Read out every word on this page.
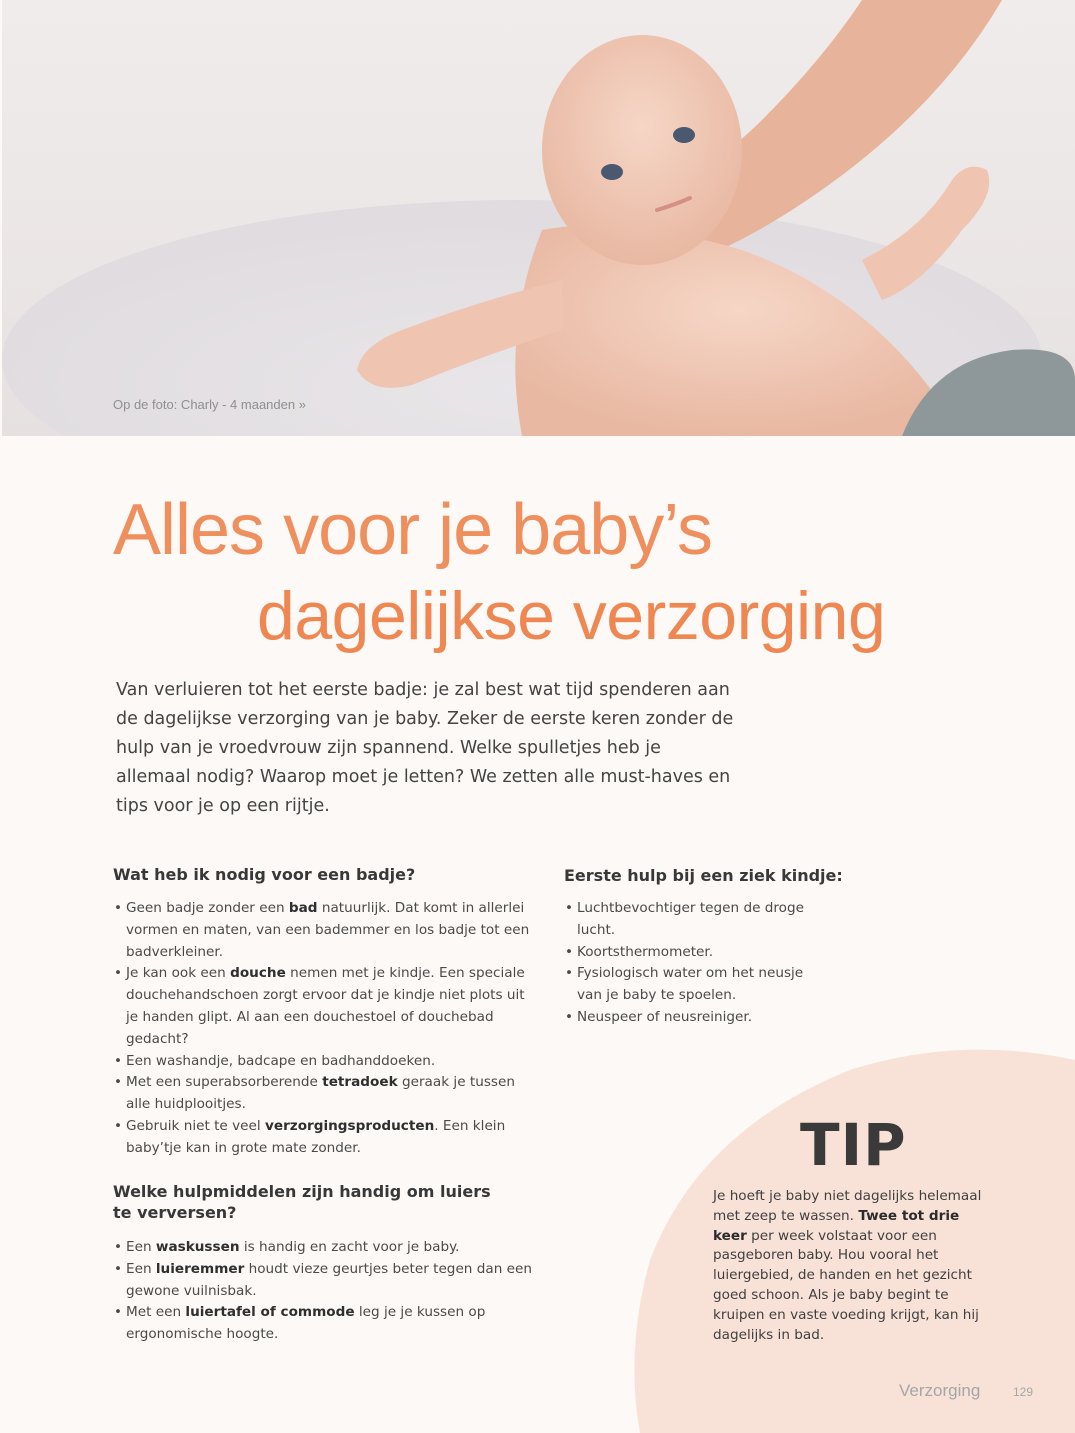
Op de foto: Charly - 4 maanden »
Alles voor je baby’s
dagelijkse verzorging

Van verluieren tot het eerste badje: je zal best wat tijd spenderen aan de dagelijkse verzorging van je baby. Zeker de eerste keren zonder de hulp van je vroedvrouw zijn spannend. Welke spulletjes heb je allemaal nodig? Waarop moet je letten? We zetten alle must-haves en tips voor je op een rijtje.

Wat heb ik nodig voor een badje?
• Geen badje zonder een bad natuurlijk. Dat komt in allerlei vormen en maten, van een bademmer en los badje tot een badverkleiner.
• Je kan ook een douche nemen met je kindje. Een speciale douchehandschoen zorgt ervoor dat je kindje niet plots uit je handen glipt. Al aan een douchestoel of douchebad gedacht?
• Een washandje, badcape en badhanddoeken.
• Met een superabsorberende tetradoek geraak je tussen alle huidplooitjes.
• Gebruik niet te veel verzorgingsproducten. Een klein baby’tje kan in grote mate zonder.
Welke hulpmiddelen zijn handig om luiers te verversen?
• Een waskussen is handig en zacht voor je baby.
• Een luieremmer houdt vieze geurtjes beter tegen dan een gewone vuilnisbak.
• Met een luiertafel of commode leg je je kussen op ergonomische hoogte.
Eerste hulp bij een ziek kindje:
• Luchtbevochtiger tegen de droge lucht.
• Koortsthermometer.
• Fysiologisch water om het neusje van je baby te spoelen.
• Neuspeer of neusreiniger.
TIP

Je hoeft je baby niet dagelijks helemaal met zeep te wassen. Twee tot drie keer per week volstaat voor een pasgeboren baby. Hou vooral het luiergebied, de handen en het gezicht goed schoon. Als je baby begint te kruipen en vaste voeding krijgt, kan hij dagelijks in bad.

Verzorging	129
